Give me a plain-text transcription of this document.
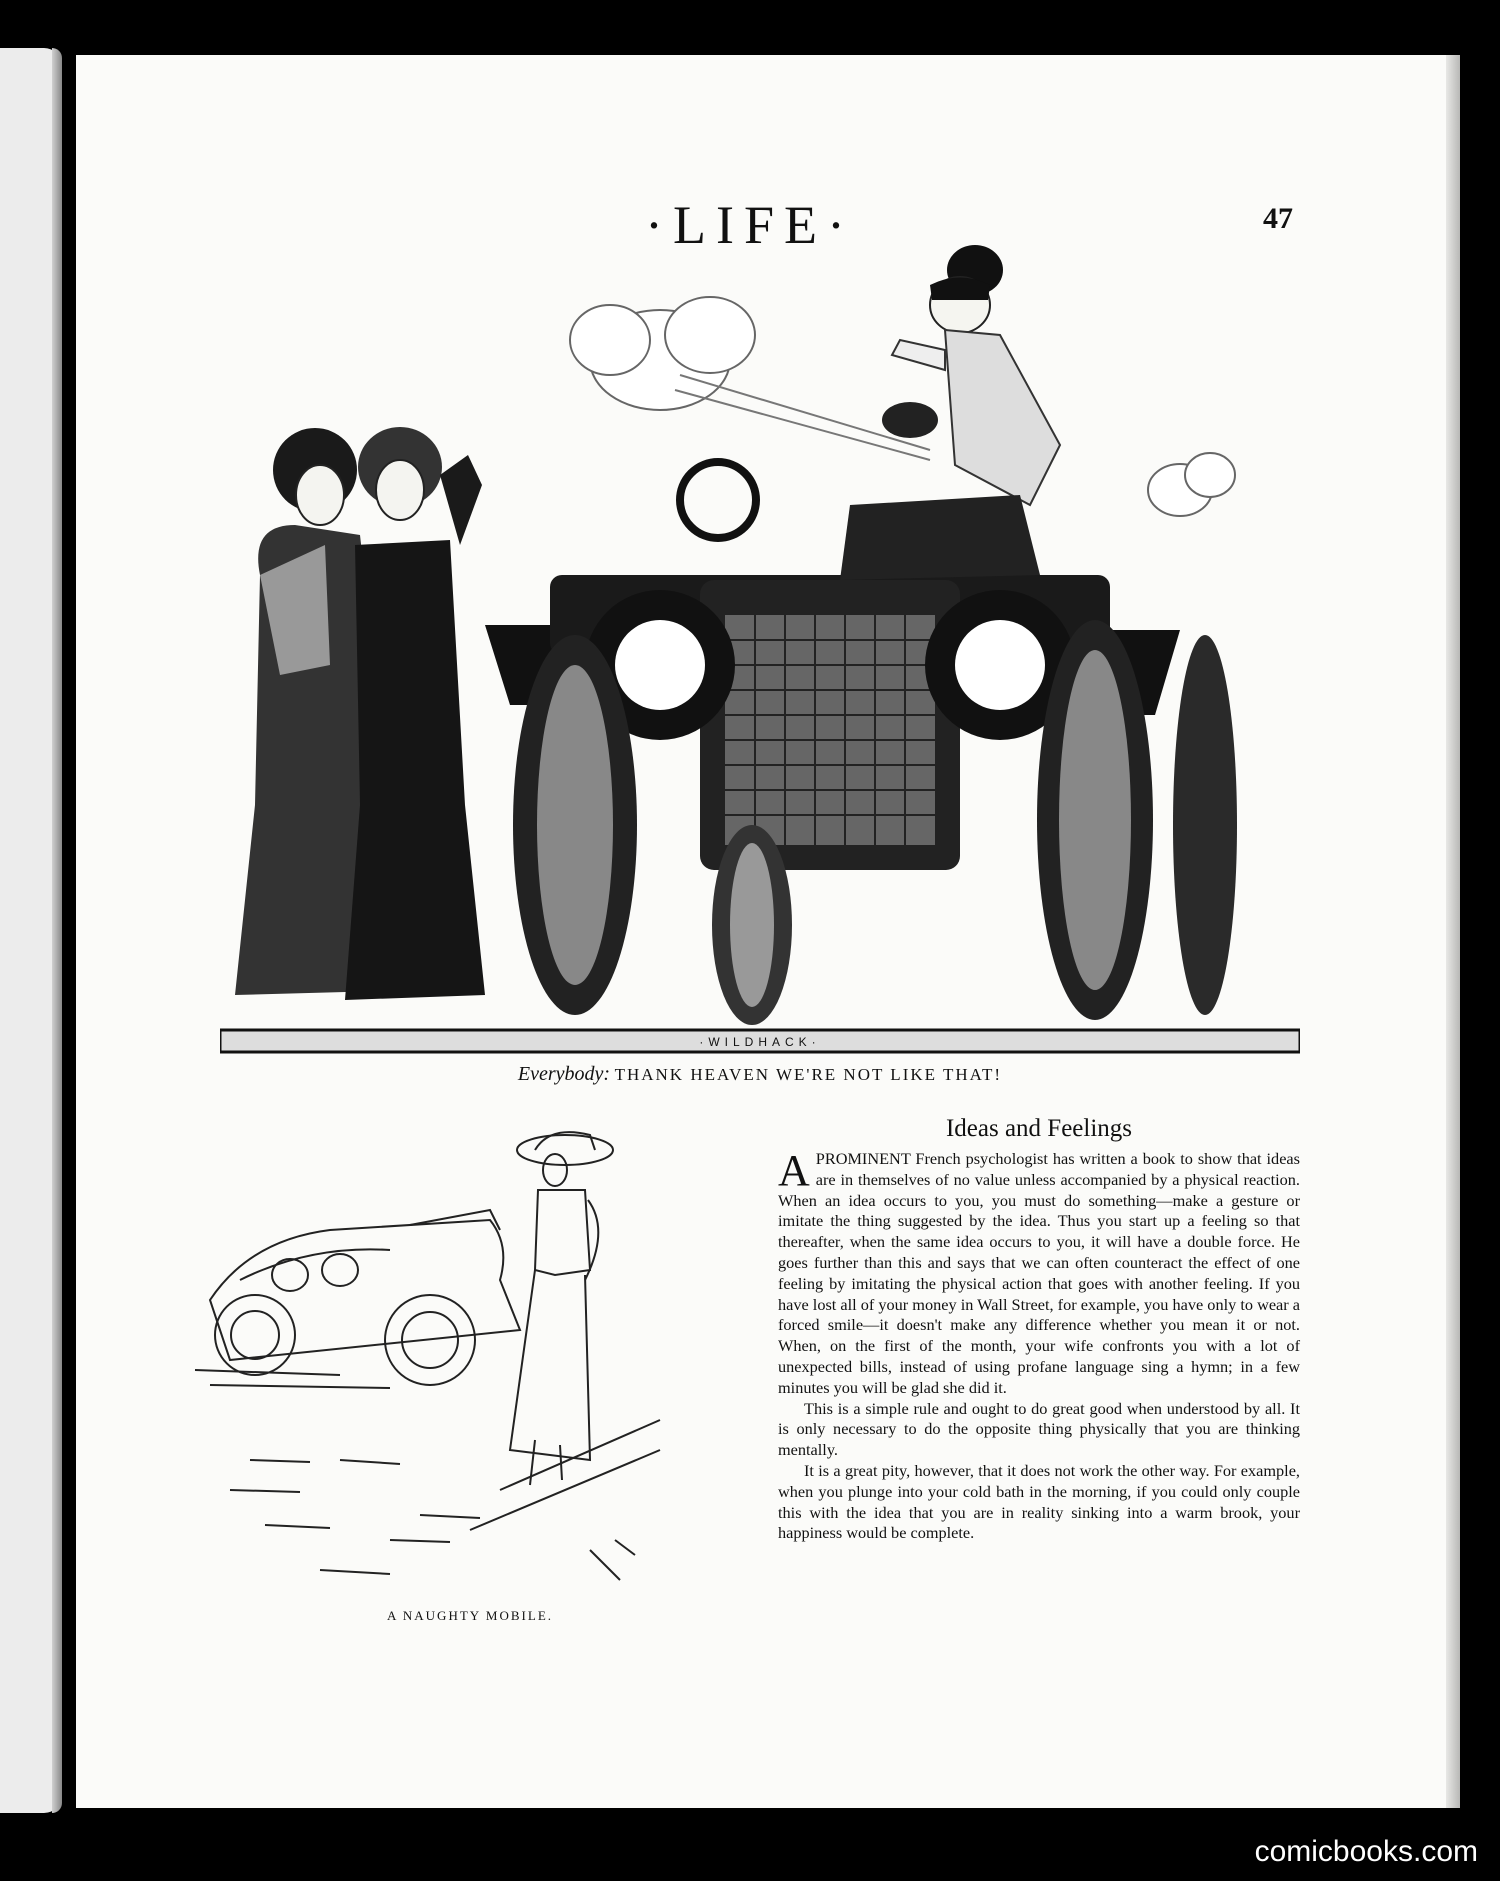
·LIFE·	47
·WILDHACK·
Everybody: THANK HEAVEN WE'RE NOT LIKE THAT!
A NAUGHTY MOBILE.
Ideas and Feelings

APROMINENT French psychologist has written a book to show that ideas are in themselves of no value unless accompanied by a physical reaction. When an idea occurs to you, you must do something—make a gesture or imitate the thing suggested by the idea. Thus you start up a feeling so that thereafter, when the same idea occurs to you, it will have a double force. He goes further than this and says that we can often counteract the effect of one feeling by imitating the physical action that goes with another feeling. If you have lost all of your money in Wall Street, for example, you have only to wear a forced smile—it doesn't make any difference whether you mean it or not. When, on the first of the month, your wife confronts you with a lot of unexpected bills, instead of using profane language sing a hymn; in a few minutes you will be glad she did it.

This is a simple rule and ought to do great good when understood by all. It is only necessary to do the opposite thing physically that you are thinking mentally.

It is a great pity, however, that it does not work the other way. For example, when you plunge into your cold bath in the morning, if you could only couple this with the idea that you are in reality sinking into a warm brook, your happiness would be complete.

comicbooks.com
